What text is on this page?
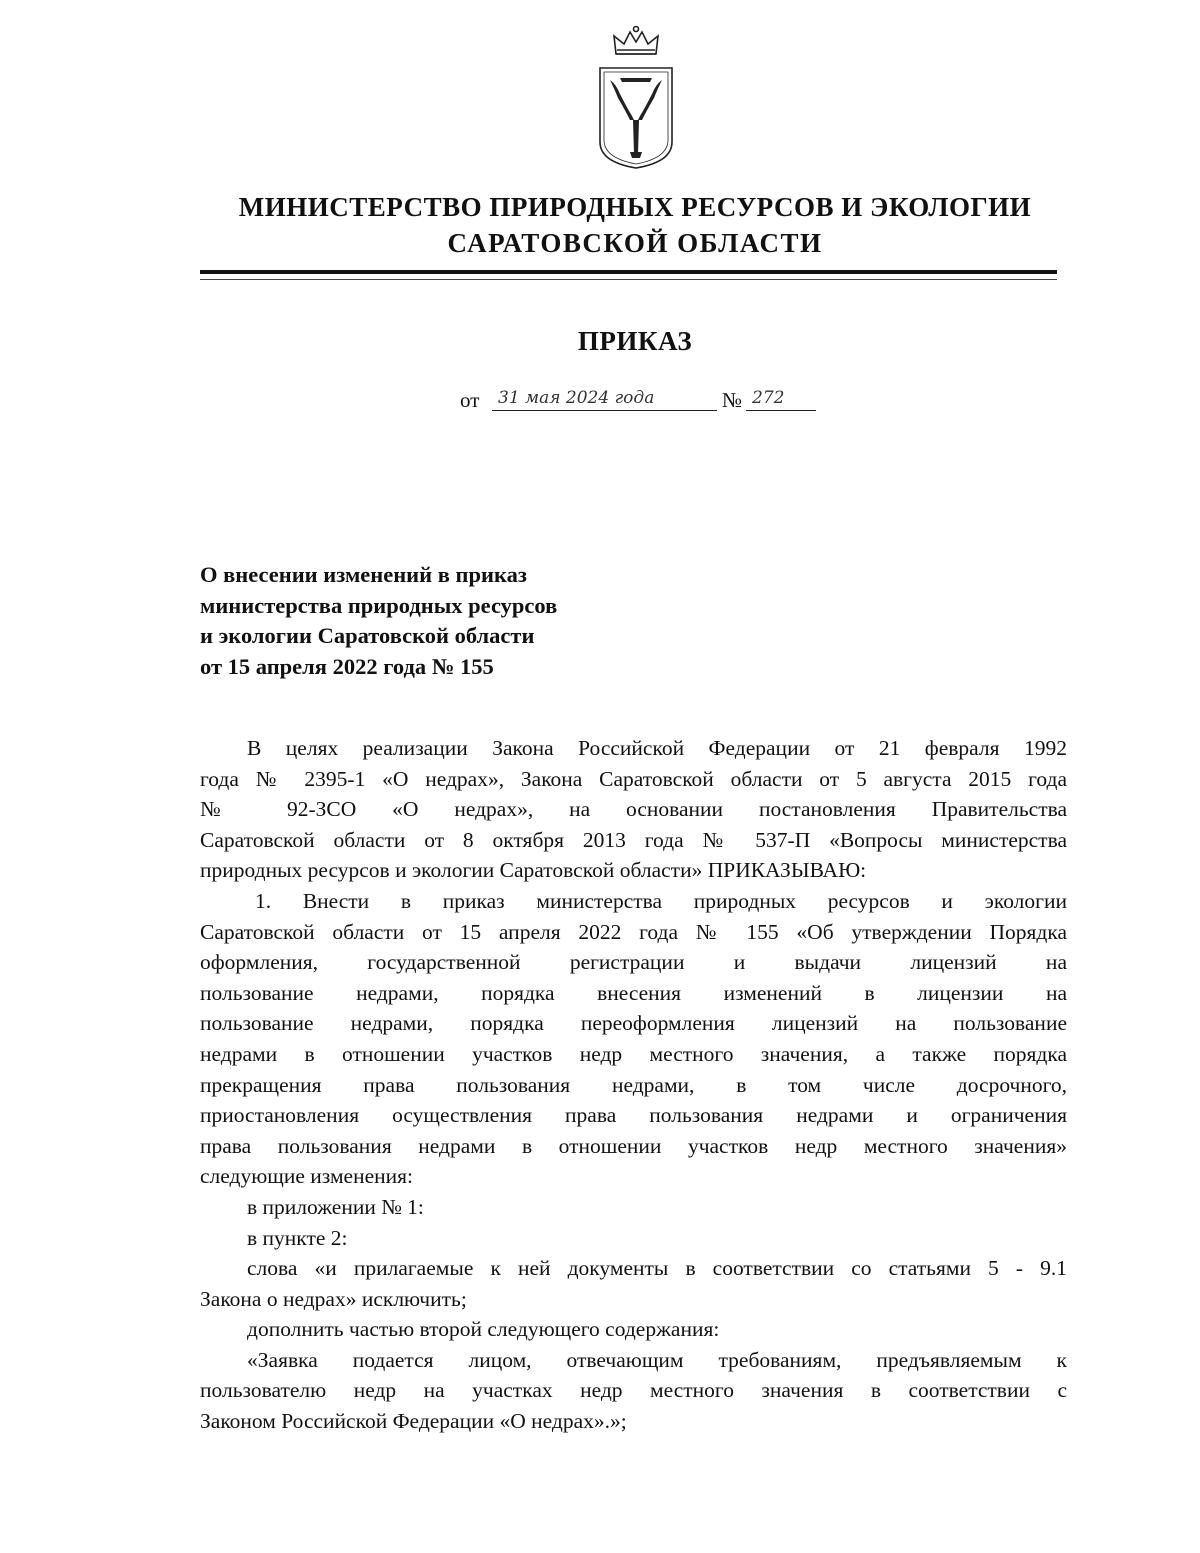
МИНИСТЕРСТВО ПРИРОДНЫХ РЕСУРСОВ И ЭКОЛОГИИ
САРАТОВСКОЙ ОБЛАСТИ
ПРИКАЗ
от 31 мая 2024 года	№ 272
О внесении изменений в приказ
министерства природных ресурсов
и экологии Саратовской области
от 15 апреля 2022 года № 155
В целях реализации Закона Российской Федерации от 21 февраля 1992
года № 2395-1 «О недрах», Закона Саратовской области от 5 августа 2015 года
№ 92-ЗСО «О недрах», на основании постановления Правительства
Саратовской области от 8 октября 2013 года № 537-П «Вопросы министерства
природных ресурсов и экологии Саратовской области» ПРИКАЗЫВАЮ:
1. Внести в приказ министерства природных ресурсов и экологии
Саратовской области от 15 апреля 2022 года № 155 «Об утверждении Порядка
оформления, государственной регистрации и выдачи лицензий на
пользование недрами, порядка внесения изменений в лицензии на
пользование недрами, порядка переоформления лицензий на пользование
недрами в отношении участков недр местного значения, а также порядка
прекращения права пользования недрами, в том числе досрочного,
приостановления осуществления права пользования недрами и ограничения
права пользования недрами в отношении участков недр местного значения»
следующие изменения:
в приложении № 1:
в пункте 2:
слова «и прилагаемые к ней документы в соответствии со статьями 5 - 9.1
Закона о недрах» исключить;
дополнить частью второй следующего содержания:
«Заявка подается лицом, отвечающим требованиям, предъявляемым к
пользователю недр на участках недр местного значения в соответствии с
Законом Российской Федерации «О недрах».»;
